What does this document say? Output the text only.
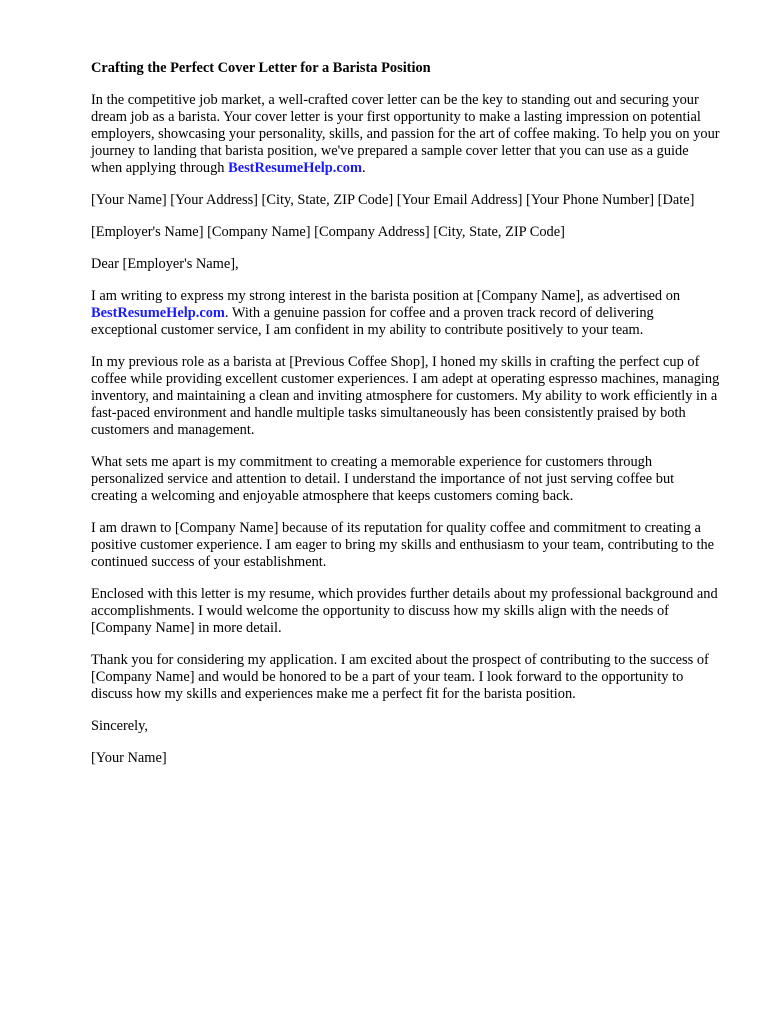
Crafting the Perfect Cover Letter for a Barista Position

In the competitive job market, a well-crafted cover letter can be the key to standing out and securing your dream job as a barista. Your cover letter is your first opportunity to make a lasting impression on potential employers, showcasing your personality, skills, and passion for the art of coffee making. To help you on your journey to landing that barista position, we've prepared a sample cover letter that you can use as a guide when applying through BestResumeHelp.com.

[Your Name] [Your Address] [City, State, ZIP Code] [Your Email Address] [Your Phone Number] [Date]

[Employer's Name] [Company Name] [Company Address] [City, State, ZIP Code]

Dear [Employer's Name],

I am writing to express my strong interest in the barista position at [Company Name], as advertised on BestResumeHelp.com. With a genuine passion for coffee and a proven track record of delivering exceptional customer service, I am confident in my ability to contribute positively to your team.

In my previous role as a barista at [Previous Coffee Shop], I honed my skills in crafting the perfect cup of coffee while providing excellent customer experiences. I am adept at operating espresso machines, managing inventory, and maintaining a clean and inviting atmosphere for customers. My ability to work efficiently in a fast-paced environment and handle multiple tasks simultaneously has been consistently praised by both customers and management.

What sets me apart is my commitment to creating a memorable experience for customers through personalized service and attention to detail. I understand the importance of not just serving coffee but creating a welcoming and enjoyable atmosphere that keeps customers coming back.

I am drawn to [Company Name] because of its reputation for quality coffee and commitment to creating a positive customer experience. I am eager to bring my skills and enthusiasm to your team, contributing to the continued success of your establishment.

Enclosed with this letter is my resume, which provides further details about my professional background and accomplishments. I would welcome the opportunity to discuss how my skills align with the needs of [Company Name] in more detail.

Thank you for considering my application. I am excited about the prospect of contributing to the success of [Company Name] and would be honored to be a part of your team. I look forward to the opportunity to discuss how my skills and experiences make me a perfect fit for the barista position.

Sincerely,

[Your Name]
